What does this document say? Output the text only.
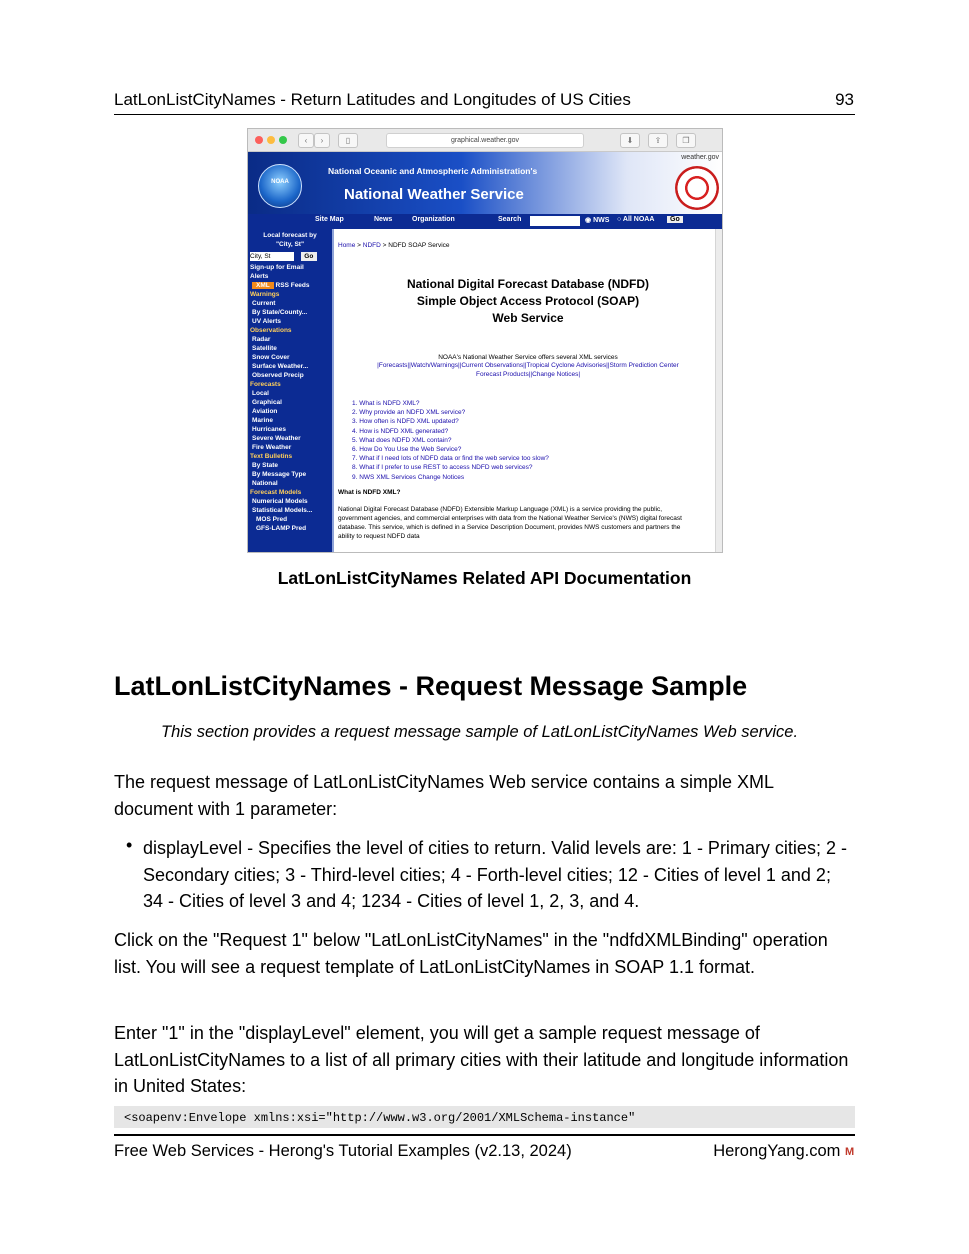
LatLonListCityNames - Return Latitudes and Longitudes of US Cities	93
‹	›	▯	graphical.weather.gov	⬇	⇪	❐
NOAA
National Oceanic and Atmospheric Administration's
National Weather Service
weather.gov
Site Map	News	Organization	Search	◉ NWS ○ All NOAA	Go
Local forecast by
"City, St"
City, St	Go
Sign-up for Email
Alerts
XML RSS Feeds
Warnings
Current
By State/County...
UV Alerts
Observations
Radar
Satellite
Snow Cover
Surface Weather...
Observed Precip
Forecasts
Local
Graphical
Aviation
Marine
Hurricanes
Severe Weather
Fire Weather
Text Bulletins
By State
By Message Type
National
Forecast Models
Numerical Models
Statistical Models...
MOS Pred
GFS-LAMP Pred
Home > NDFD > NDFD SOAP Service
National Digital Forecast Database (NDFD)
Simple Object Access Protocol (SOAP)
Web Service
NOAA's National Weather Service offers several XML services
|Forecasts||Watch/Warnings||Current Observations||Tropical Cyclone Advisories||Storm Prediction Center Forecast Products||Change Notices|
1. What is NDFD XML?
2. Why provide an NDFD XML service?
3. How often is NDFD XML updated?
4. How is NDFD XML generated?
5. What does NDFD XML contain?
6. How Do You Use the Web Service?
7. What if I need lots of NDFD data or find the web service too slow?
8. What if I prefer to use REST to access NDFD web services?
9. NWS XML Services Change Notices
What is NDFD XML?
National Digital Forecast Database (NDFD) Extensible Markup Language (XML) is a service providing the public, government agencies, and commercial enterprises with data from the National Weather Service's (NWS) digital forecast database. This service, which is defined in a Service Description Document, provides NWS customers and partners the ability to request NDFD data
LatLonListCityNames Related API Documentation
LatLonListCityNames - Request Message Sample
This section provides a request message sample of LatLonListCityNames Web service.
The request message of LatLonListCityNames Web service contains a simple XML document with 1 parameter:
• displayLevel - Specifies the level of cities to return. Valid levels are: 1 - Primary cities; 2 - Secondary cities; 3 - Third-level cities; 4 - Forth-level cities; 12 - Cities of level 1 and 2; 34 - Cities of level 3 and 4; 1234 - Cities of level 1, 2, 3, and 4.
Click on the "Request 1" below "LatLonListCityNames" in the "ndfdXMLBinding" operation list. You will see a request template of LatLonListCityNames in SOAP 1.1 format.
Enter "1" in the "displayLevel" element, you will get a sample request message of LatLonListCityNames to a list of all primary cities with their latitude and longitude information in United States:
<soapenv:Envelope xmlns:xsi="http://www.w3.org/2001/XMLSchema-instance"
Free Web Services - Herong's Tutorial Examples (v2.13, 2024)	HerongYang.com M
